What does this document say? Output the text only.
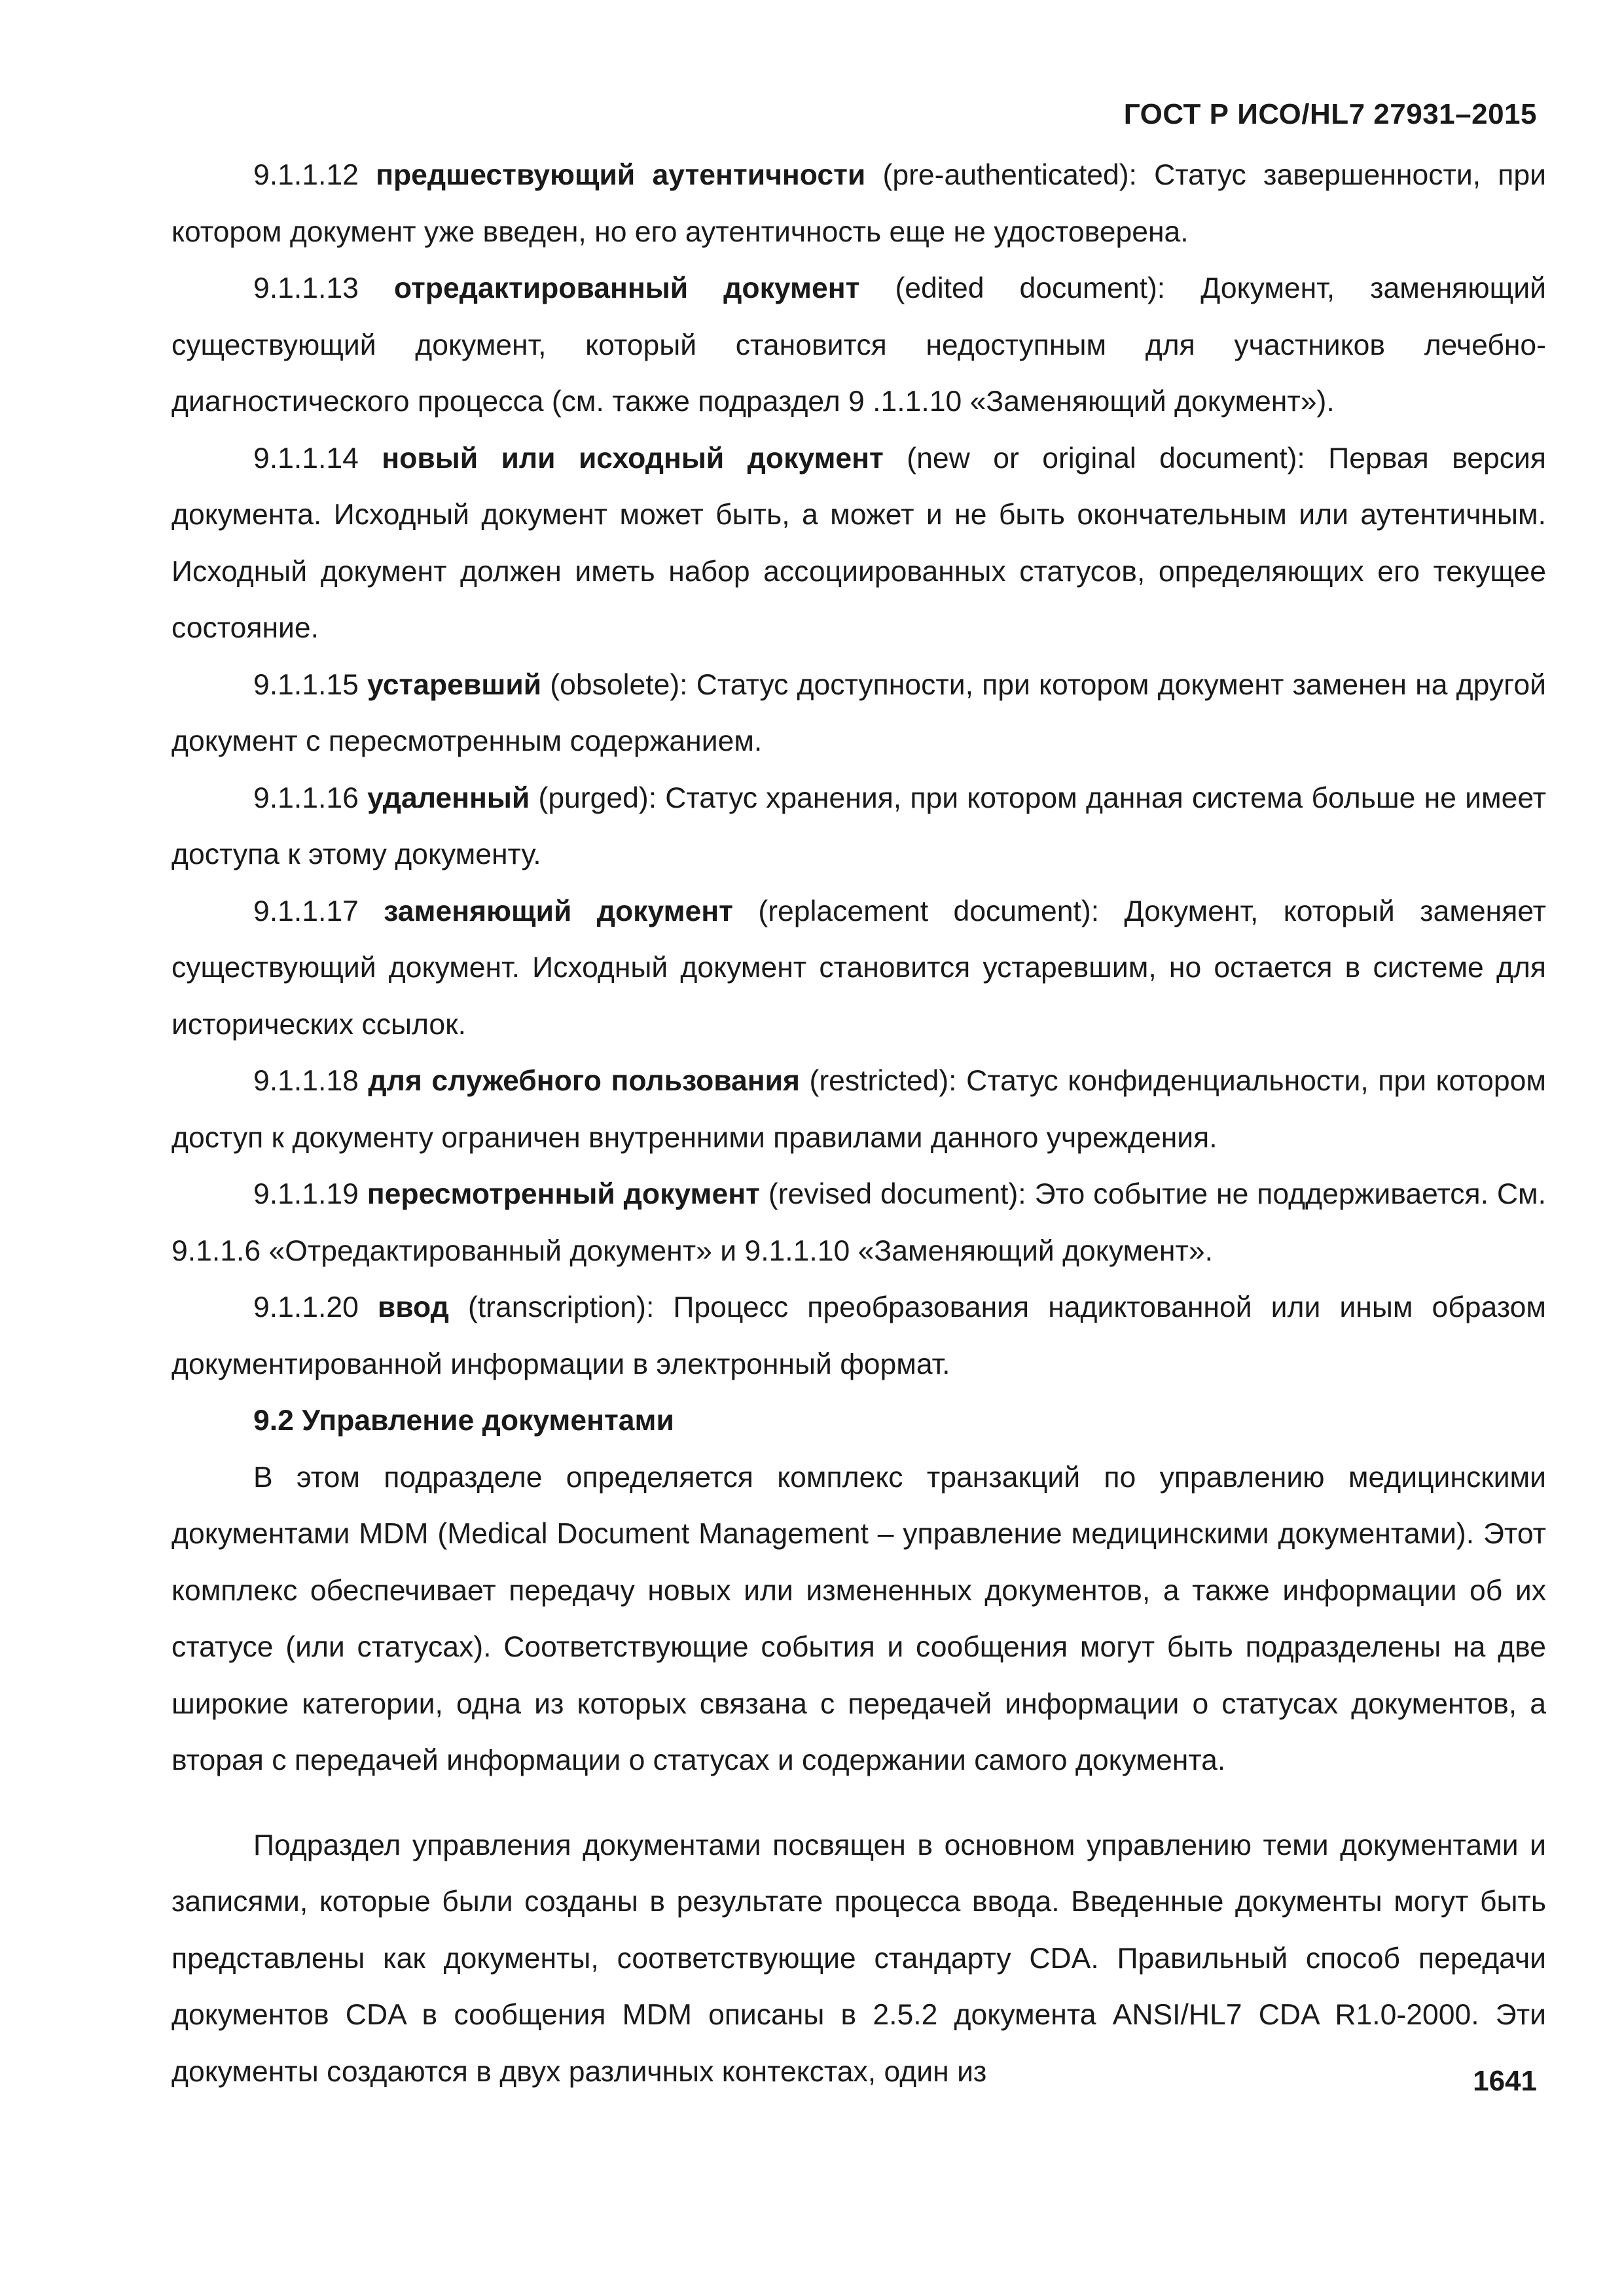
ГОСТ Р ИСО/HL7 27931–2015

9.1.1.12 предшествующий аутентичности (pre-authenticated): Статус завершенности, при котором документ уже введен, но его аутентичность еще не удостоверена.

9.1.1.13 отредактированный документ (edited document): Документ, заменяющий существующий документ, который становится недоступным для участников лечебно-диагностического процесса (см. также подраздел 9 .1.1.10 «Заменяющий документ»).

9.1.1.14 новый или исходный документ (new or original document): Первая версия документа. Исходный документ может быть, а может и не быть окончательным или аутентичным. Исходный документ должен иметь набор ассоциированных статусов, определяющих его текущее состояние.

9.1.1.15 устаревший (obsolete): Статус доступности, при котором документ заменен на другой документ с пересмотренным содержанием.

9.1.1.16 удаленный (purged): Статус хранения, при котором данная система больше не имеет доступа к этому документу.

9.1.1.17 заменяющий документ (replacement document): Документ, который заменяет существующий документ. Исходный документ становится устаревшим, но остается в системе для исторических ссылок.

9.1.1.18 для служебного пользования (restricted): Статус конфиденциальности, при котором доступ к документу ограничен внутренними правилами данного учреждения.

9.1.1.19 пересмотренный документ (revised document): Это событие не поддерживается. См. 9.1.1.6 «Отредактированный документ» и 9.1.1.10 «Заменяющий документ».

9.1.1.20 ввод (transcription): Процесс преобразования надиктованной или иным образом документированной информации в электронный формат.

9.2 Управление документами

В этом подразделе определяется комплекс транзакций по управлению медицинскими документами MDM (Medical Document Management – управление медицинскими документами). Этот комплекс обеспечивает передачу новых или измененных документов, а также информации об их статусе (или статусах). Соответствующие события и сообщения могут быть подразделены на две широкие категории, одна из которых связана с передачей информации о статусах документов, а вторая с передачей информации о статусах и содержании самого документа.

Подраздел управления документами посвящен в основном управлению теми документами и записями, которые были созданы в результате процесса ввода. Введенные документы могут быть представлены как документы, соответствующие стандарту CDA. Правильный способ передачи документов CDA в сообщения MDM описаны в 2.5.2 документа ANSI/HL7 CDA R1.0-2000. Эти документы создаются в двух различных контекстах, один из	1641
